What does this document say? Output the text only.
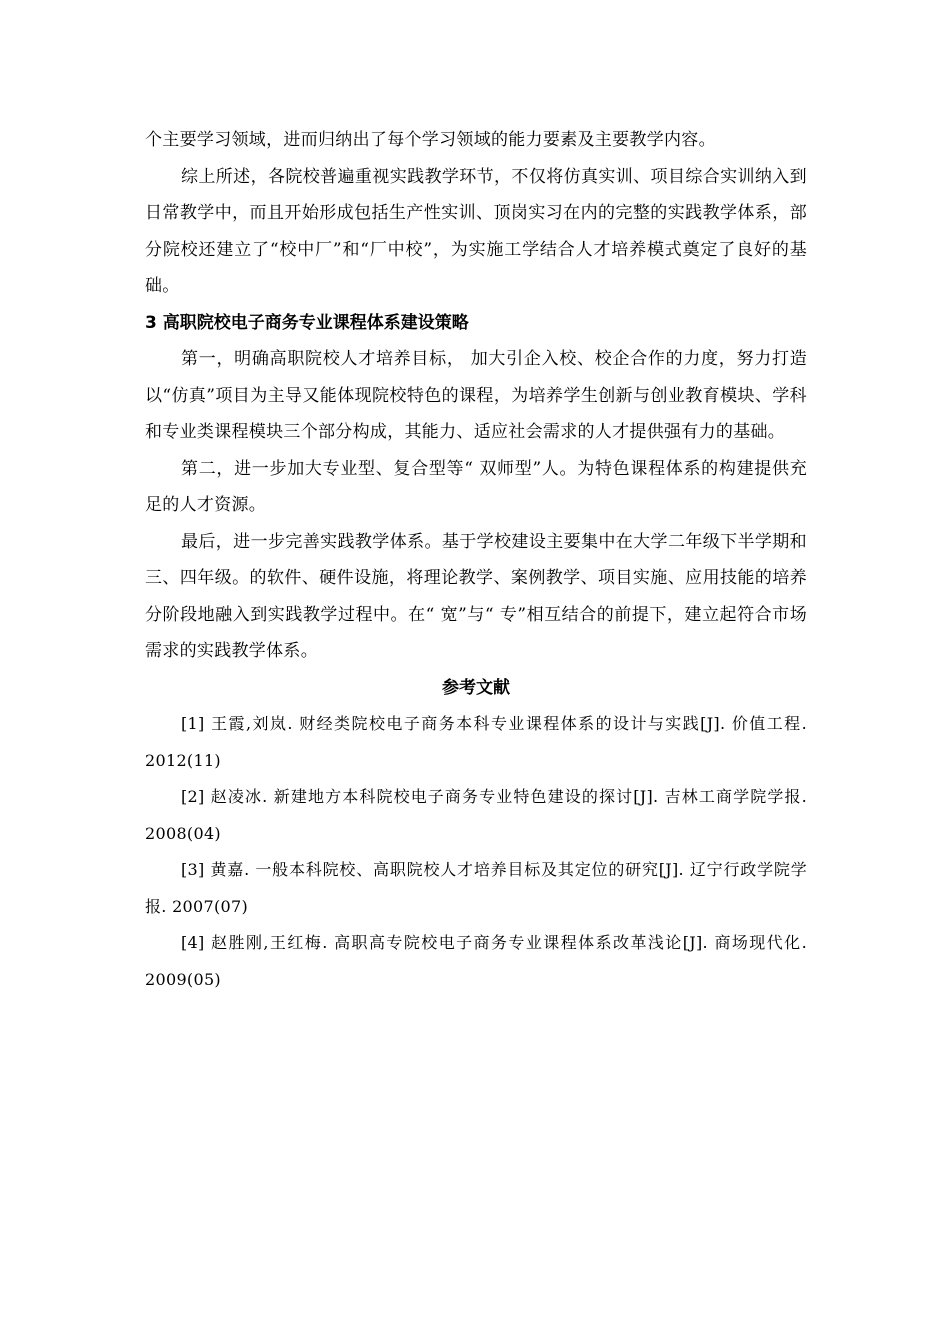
个主要学习领域，进而归纳出了每个学习领域的能力要素及主要教学内容。

综上所述，各院校普遍重视实践教学环节，不仅将仿真实训、项目综合实训纳入到日常教学中，而且开始形成包括生产性实训、顶岗实习在内的完整的实践教学体系，部分院校还建立了“校中厂”和“厂中校”，为实施工学结合人才培养模式奠定了良好的基础。

3 高职院校电子商务专业课程体系建设策略

第一，明确高职院校人才培养目标， 加大引企入校、校企合作的力度，努力打造以“仿真”项目为主导又能体现院校特色的课程，为培养学生创新与创业教育模块、学科和专业类课程模块三个部分构成，其能力、适应社会需求的人才提供强有力的基础。

第二，进一步加大专业型、复合型等“ 双师型”人。为特色课程体系的构建提供充足的人才资源。

最后，进一步完善实践教学体系。基于学校建设主要集中在大学二年级下半学期和三、四年级。的软件、硬件设施，将理论教学、案例教学、项目实施、应用技能的培养分阶段地融入到实践教学过程中。在“ 宽”与“ 专”相互结合的前提下，建立起符合市场需求的实践教学体系。

参考文献

[1] 王霞,刘岚. 财经类院校电子商务本科专业课程体系的设计与实践[J]. 价值工程. 2012(11)

[2] 赵凌冰. 新建地方本科院校电子商务专业特色建设的探讨[J]. 吉林工商学院学报. 2008(04)

[3] 黄嘉. 一般本科院校、高职院校人才培养目标及其定位的研究[J]. 辽宁行政学院学报. 2007(07)

[4] 赵胜刚,王红梅. 高职高专院校电子商务专业课程体系改革浅论[J]. 商场现代化. 2009(05)
